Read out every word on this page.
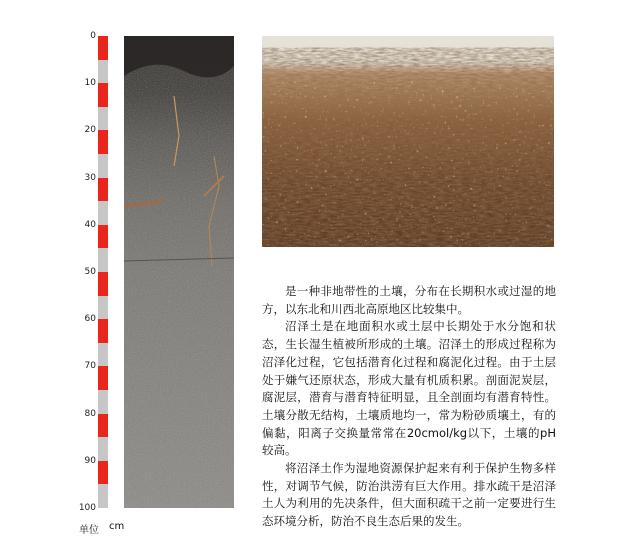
0
10
20
30
40
50
60
70
80
90
100
单位 cm

是一种非地带性的土壤，分布在长期积水或过湿的地方，以东北和川西北高原地区比较集中。

沼泽土是在地面积水或土层中长期处于水分饱和状态，生长湿生植被所形成的土壤。沼泽土的形成过程称为沼泽化过程，它包括潜育化过程和腐泥化过程。由于土层处于嫌气还原状态，形成大量有机质积累。剖面泥炭层，腐泥层，潜育与潜育特征明显，且全剖面均有潜育特性。土壤分散无结构，土壤质地均一，常为粉砂质壤土，有的偏黏，阳离子交换量常常在20cmol/kg以下，土壤的pH较高。

将沼泽土作为湿地资源保护起来有利于保护生物多样性，对调节气候，防治洪涝有巨大作用。排水疏干是沼泽土人为利用的先决条件，但大面积疏干之前一定要进行生态环境分析，防治不良生态后果的发生。
